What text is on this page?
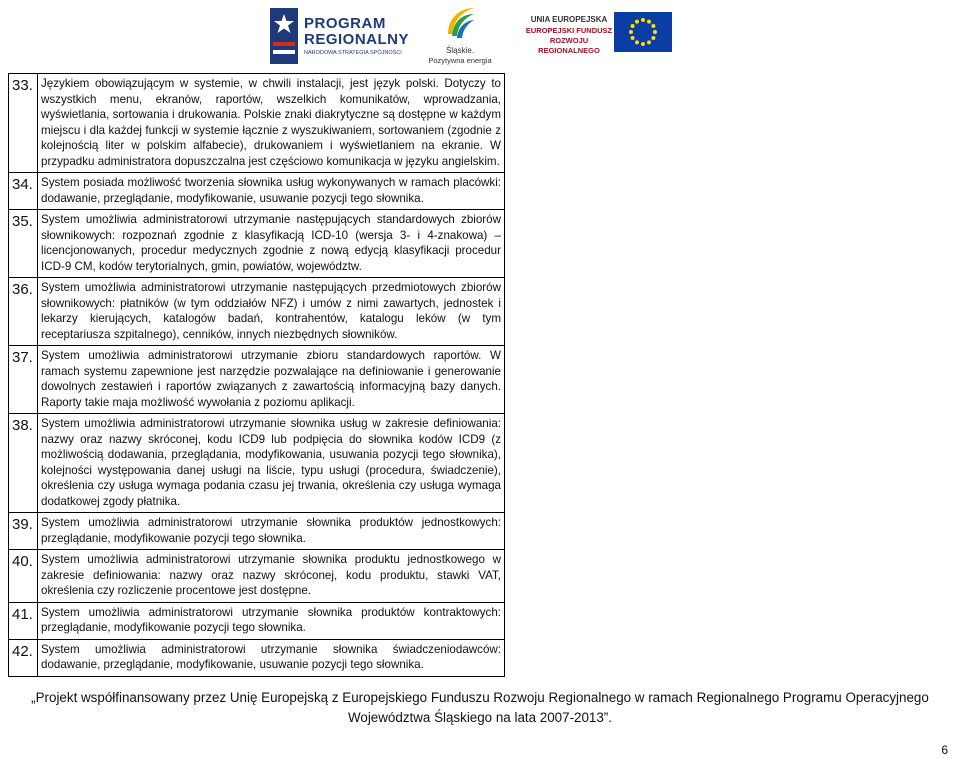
PROGRAM
REGIONALNY
NARODOWA STRATEGIA SPÓJNOŚCI	Śląskie.
Pozytywna energia
UNIA EUROPEJSKA
EUROPEJSKI FUNDUSZ
ROZWOJU REGIONALNEGO
33.	Językiem obowiązującym w systemie, w chwili instalacji, jest język polski. Dotyczy to wszystkich menu, ekranów, raportów, wszelkich komunikatów, wprowadzania, wyświetlania, sortowania i drukowania. Polskie znaki diakrytyczne są dostępne w każdym miejscu i dla każdej funkcji w systemie łącznie z wyszukiwaniem, sortowaniem (zgodnie z kolejnością liter w polskim alfabecie), drukowaniem i wyświetlaniem na ekranie. W przypadku administratora dopuszczalna jest częściowo komunikacja w języku angielskim.
34.	System posiada możliwość tworzenia słownika usług wykonywanych w ramach placówki: dodawanie, przeglądanie, modyfikowanie, usuwanie pozycji tego słownika.
35.	System umożliwia administratorowi utrzymanie następujących standardowych zbiorów słownikowych: rozpoznań zgodnie z klasyfikacją ICD-10 (wersja 3- i 4-znakowa) – licencjonowanych, procedur medycznych zgodnie z nową edycją klasyfikacji procedur ICD-9 CM, kodów terytorialnych, gmin, powiatów, województw.
36.	System umożliwia administratorowi utrzymanie następujących przedmiotowych zbiorów słownikowych: płatników (w tym oddziałów NFZ) i umów z nimi zawartych, jednostek i lekarzy kierujących, katalogów badań, kontrahentów, katalogu leków (w tym receptariusza szpitalnego), cenników, innych niezbędnych słowników.
37.	System umożliwia administratorowi utrzymanie zbioru standardowych raportów. W ramach systemu zapewnione jest narzędzie pozwalające na definiowanie i generowanie dowolnych zestawień i raportów związanych z zawartością informacyjną bazy danych. Raporty takie maja możliwość wywołania z poziomu aplikacji.
38.	System umożliwia administratorowi utrzymanie słownika usług w zakresie definiowania: nazwy oraz nazwy skróconej, kodu ICD9 lub podpięcia do słownika kodów ICD9 (z możliwością dodawania, przeglądania, modyfikowania, usuwania pozycji tego słownika), kolejności występowania danej usługi na liście, typu usługi (procedura, świadczenie), określenia czy usługa wymaga podania czasu jej trwania, określenia czy usługa wymaga dodatkowej zgody płatnika.
39.	System umożliwia administratorowi utrzymanie słownika produktów jednostkowych: przeglądanie, modyfikowanie pozycji tego słownika.
40.	System umożliwia administratorowi utrzymanie słownika produktu jednostkowego w zakresie definiowania: nazwy oraz nazwy skróconej, kodu produktu, stawki VAT, określenia czy rozliczenie procentowe jest dostępne.
41.	System umożliwia administratorowi utrzymanie słownika produktów kontraktowych: przeglądanie, modyfikowanie pozycji tego słownika.
42.	System umożliwia administratorowi utrzymanie słownika świadczeniodawców: dodawanie, przeglądanie, modyfikowanie, usuwanie pozycji tego słownika.
„Projekt współfinansowany przez Unię Europejską z Europejskiego Funduszu Rozwoju Regionalnego w ramach Regionalnego Programu Operacyjnego
Województwa Śląskiego na lata 2007-2013”.
6
